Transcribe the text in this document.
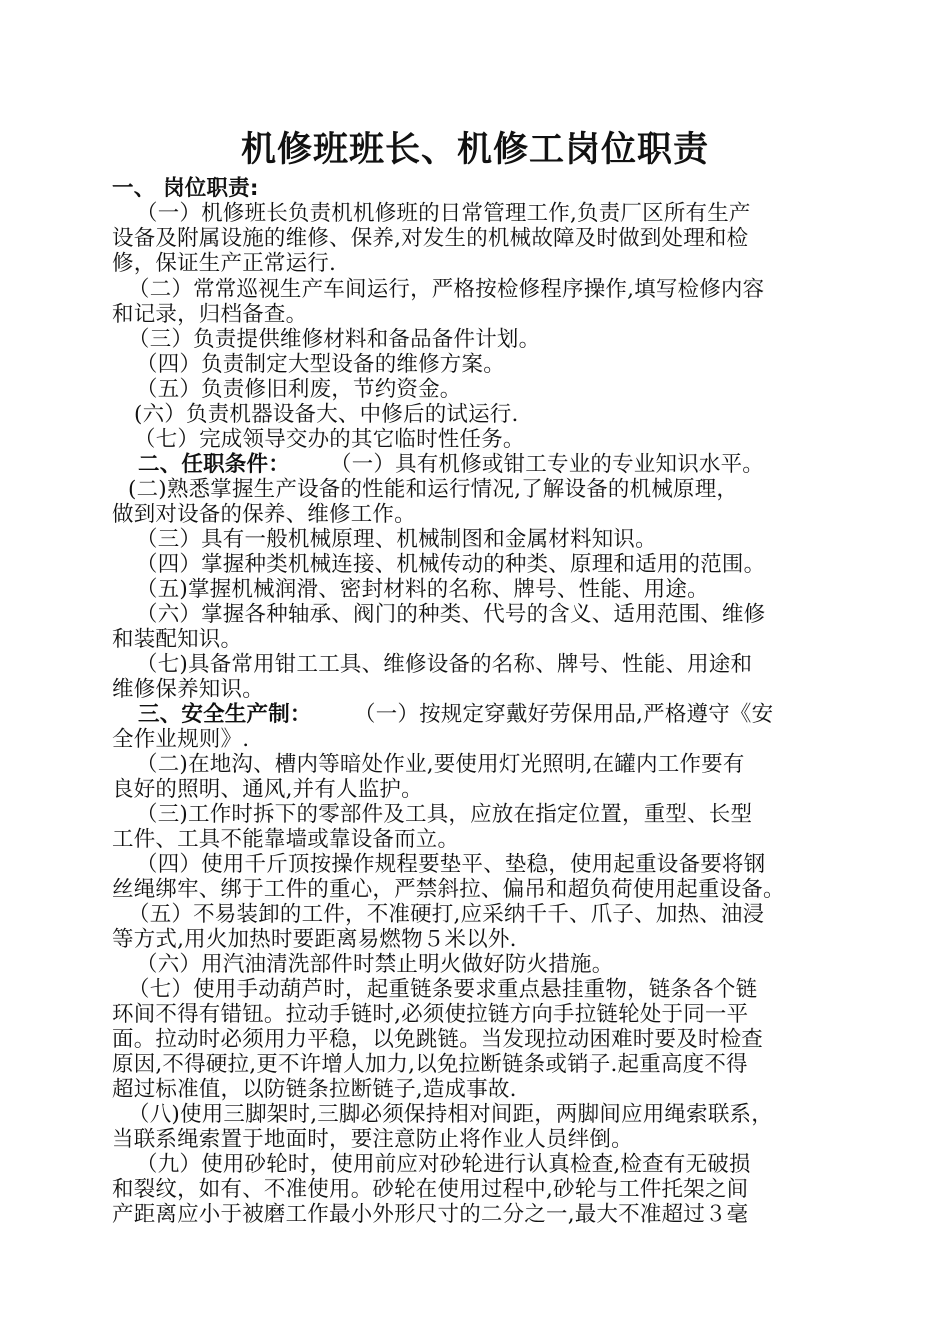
机修班班长、机修工岗位职责
一、 岗位职责:
（一）机修班长负责机机修班的日常管理工作,负责厂区所有生产
设备及附属设施的维修、保养,对发生的机械故障及时做到处理和检
修，保证生产正常运行.
（二）常常巡视生产车间运行，严格按检修程序操作,填写检修内容
和记录，归档备查。
（三）负责提供维修材料和备品备件计划。
（四）负责制定大型设备的维修方案。
（五）负责修旧利废，节约资金。
(六）负责机器设备大、中修后的试运行.
（七）完成领导交办的其它临时性任务。
二、任职条件： （一）具有机修或钳工专业的专业知识水平。
(二)熟悉掌握生产设备的性能和运行情况,了解设备的机械原理，
做到对设备的保养、维修工作。
（三）具有一般机械原理、机械制图和金属材料知识。
（四）掌握种类机械连接、机械传动的种类、原理和适用的范围。
（五)掌握机械润滑、密封材料的名称、牌号、性能、用途。
（六）掌握各种轴承、阀门的种类、代号的含义、适用范围、维修
和装配知识。
（七)具备常用钳工工具、维修设备的名称、牌号、性能、用途和
维修保养知识。
三、安全生产制： （一）按规定穿戴好劳保用品,严格遵守《安
全作业规则》.
（二)在地沟、槽内等暗处作业,要使用灯光照明,在罐内工作要有
良好的照明、通风,并有人监护。
（三)工作时拆下的零部件及工具，应放在指定位置，重型、长型
工件、工具不能靠墙或靠设备而立。
（四）使用千斤顶按操作规程要垫平、垫稳，使用起重设备要将钢
丝绳绑牢、绑于工件的重心，严禁斜拉、偏吊和超负荷使用起重设备。
（五）不易装卸的工件，不准硬打,应采纳千千、爪子、加热、油浸
等方式,用火加热时要距离易燃物５米以外.
（六）用汽油清洗部件时禁止明火做好防火措施。
（七）使用手动葫芦时，起重链条要求重点悬挂重物，链条各个链
环间不得有错钮。拉动手链时,必须使拉链方向手拉链轮处于同一平
面。拉动时必须用力平稳，以免跳链。当发现拉动困难时要及时检查
原因,不得硬拉,更不许增人加力,以免拉断链条或销子.起重高度不得
超过标准值，以防链条拉断链子,造成事故.
（八)使用三脚架时,三脚必须保持相对间距，两脚间应用绳索联系，
当联系绳索置于地面时，要注意防止将作业人员绊倒。
（九）使用砂轮时，使用前应对砂轮进行认真检查,检查有无破损
和裂纹，如有、不准使用。砂轮在使用过程中,砂轮与工件托架之间
产距离应小于被磨工作最小外形尺寸的二分之一,最大不准超过３毫
